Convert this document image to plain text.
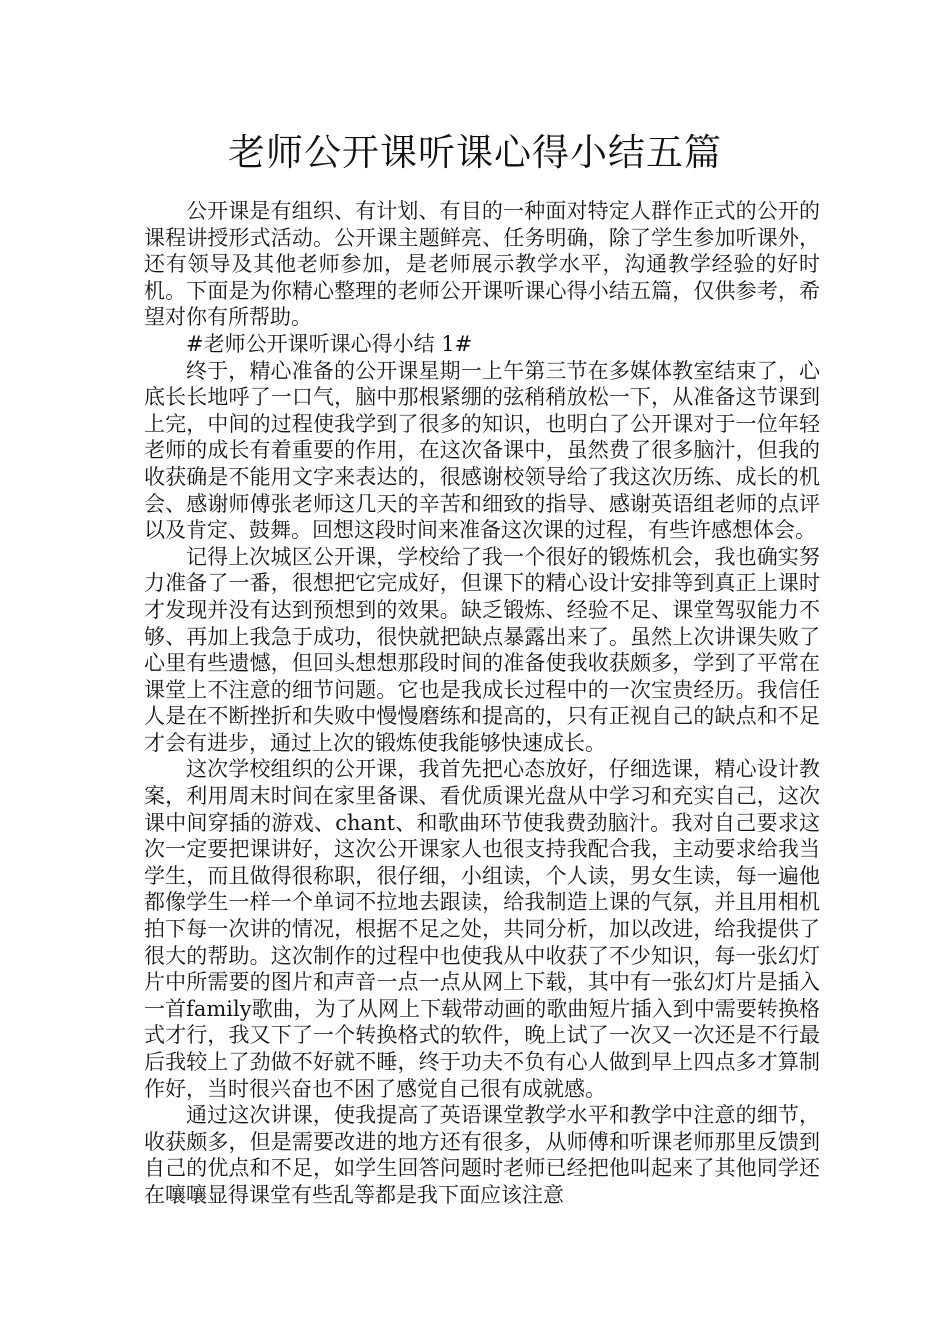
老师公开课听课心得小结五篇

公开课是有组织、有计划、有目的一种面对特定人群作正式的公开的课程讲授形式活动。公开课主题鲜亮、任务明确，除了学生参加听课外，还有领导及其他老师参加，是老师展示教学水平，沟通教学经验的好时机。下面是为你精心整理的老师公开课听课心得小结五篇，仅供参考，希望对你有所帮助。

#老师公开课听课心得小结 1#

终于，精心准备的公开课星期一上午第三节在多媒体教室结束了，心底长长地呼了一口气，脑中那根紧绷的弦稍稍放松一下，从准备这节课到上完，中间的过程使我学到了很多的知识，也明白了公开课对于一位年轻老师的成长有着重要的作用，在这次备课中，虽然费了很多脑汁，但我的收获确是不能用文字来表达的，很感谢校领导给了我这次历练、成长的机会、感谢师傅张老师这几天的辛苦和细致的指导、感谢英语组老师的点评以及肯定、鼓舞。回想这段时间来准备这次课的过程，有些许感想体会。

记得上次城区公开课，学校给了我一个很好的锻炼机会，我也确实努力准备了一番，很想把它完成好，但课下的精心设计安排等到真正上课时才发现并没有达到预想到的效果。缺乏锻炼、经验不足、课堂驾驭能力不够、再加上我急于成功，很快就把缺点暴露出来了。虽然上次讲课失败了心里有些遗憾，但回头想想那段时间的准备使我收获颇多，学到了平常在课堂上不注意的细节问题。它也是我成长过程中的一次宝贵经历。我信任人是在不断挫折和失败中慢慢磨练和提高的，只有正视自己的缺点和不足才会有进步，通过上次的锻炼使我能够快速成长。

这次学校组织的公开课，我首先把心态放好，仔细选课，精心设计教案，利用周末时间在家里备课、看优质课光盘从中学习和充实自己，这次课中间穿插的游戏、chant、和歌曲环节使我费劲脑汁。我对自己要求这次一定要把课讲好，这次公开课家人也很支持我配合我，主动要求给我当学生，而且做得很称职，很仔细，小组读，个人读，男女生读，每一遍他都像学生一样一个单词不拉地去跟读，给我制造上课的气氛，并且用相机拍下每一次讲的情况，根据不足之处，共同分析，加以改进，给我提供了很大的帮助。这次制作的过程中也使我从中收获了不少知识，每一张幻灯片中所需要的图片和声音一点一点从网上下载，其中有一张幻灯片是插入一首family歌曲，为了从网上下载带动画的歌曲短片插入到中需要转换格式才行，我又下了一个转换格式的软件，晚上试了一次又一次还是不行最后我较上了劲做不好就不睡，终于功夫不负有心人做到早上四点多才算制作好，当时很兴奋也不困了感觉自己很有成就感。

通过这次讲课，使我提高了英语课堂教学水平和教学中注意的细节，收获颇多，但是需要改进的地方还有很多，从师傅和听课老师那里反馈到自己的优点和不足，如学生回答问题时老师已经把他叫起来了其他同学还在嚷嚷显得课堂有些乱等都是我下面应该注意
